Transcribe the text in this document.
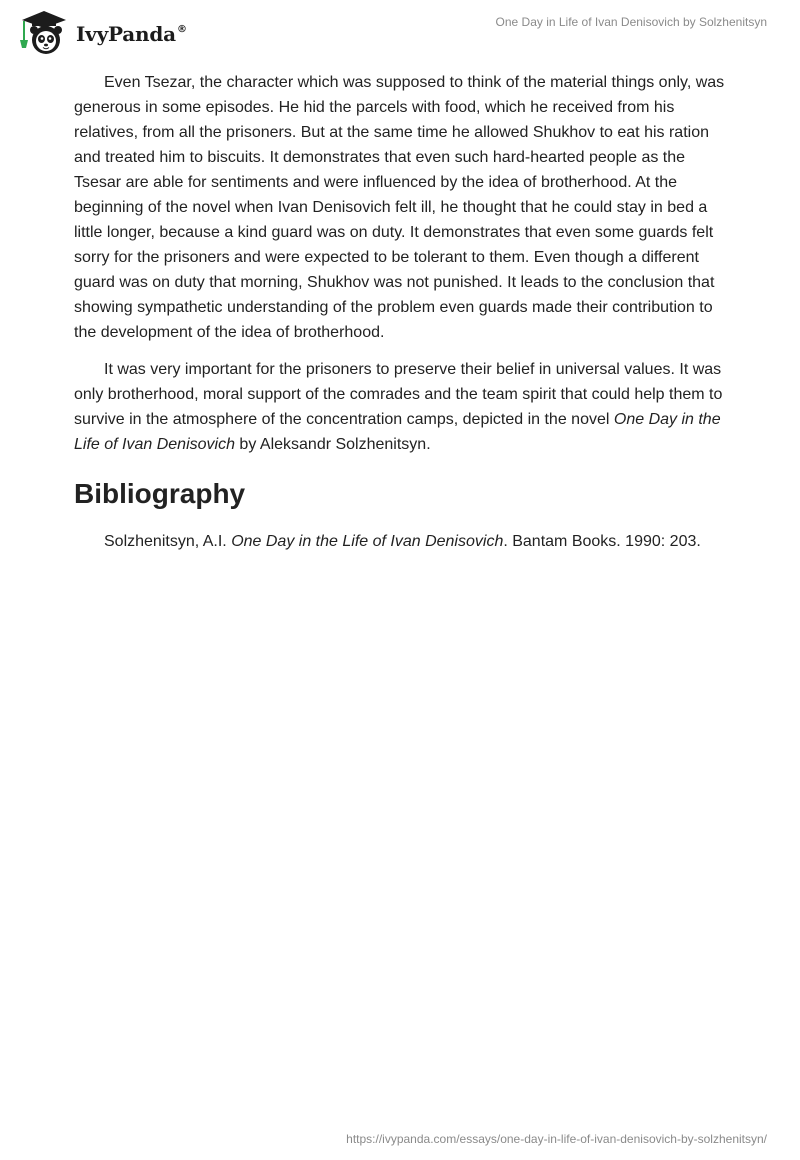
IvyPanda®
One Day in Life of Ivan Denisovich by Solzhenitsyn

Even Tsezar, the character which was supposed to think of the material things only, was generous in some episodes. He hid the parcels with food, which he received from his relatives, from all the prisoners. But at the same time he allowed Shukhov to eat his ration and treated him to biscuits. It demonstrates that even such hard-hearted people as the Tsesar are able for sentiments and were influenced by the idea of brotherhood. At the beginning of the novel when Ivan Denisovich felt ill, he thought that he could stay in bed a little longer, because a kind guard was on duty. It demonstrates that even some guards felt sorry for the prisoners and were expected to be tolerant to them. Even though a different guard was on duty that morning, Shukhov was not punished. It leads to the conclusion that showing sympathetic understanding of the problem even guards made their contribution to the development of the idea of brotherhood.

It was very important for the prisoners to preserve their belief in universal values. It was only brotherhood, moral support of the comrades and the team spirit that could help them to survive in the atmosphere of the concentration camps, depicted in the novel One Day in the Life of Ivan Denisovich by Aleksandr Solzhenitsyn.

Bibliography

Solzhenitsyn, A.I. One Day in the Life of Ivan Denisovich. Bantam Books. 1990: 203.

https://ivypanda.com/essays/one-day-in-life-of-ivan-denisovich-by-solzhenitsyn/
